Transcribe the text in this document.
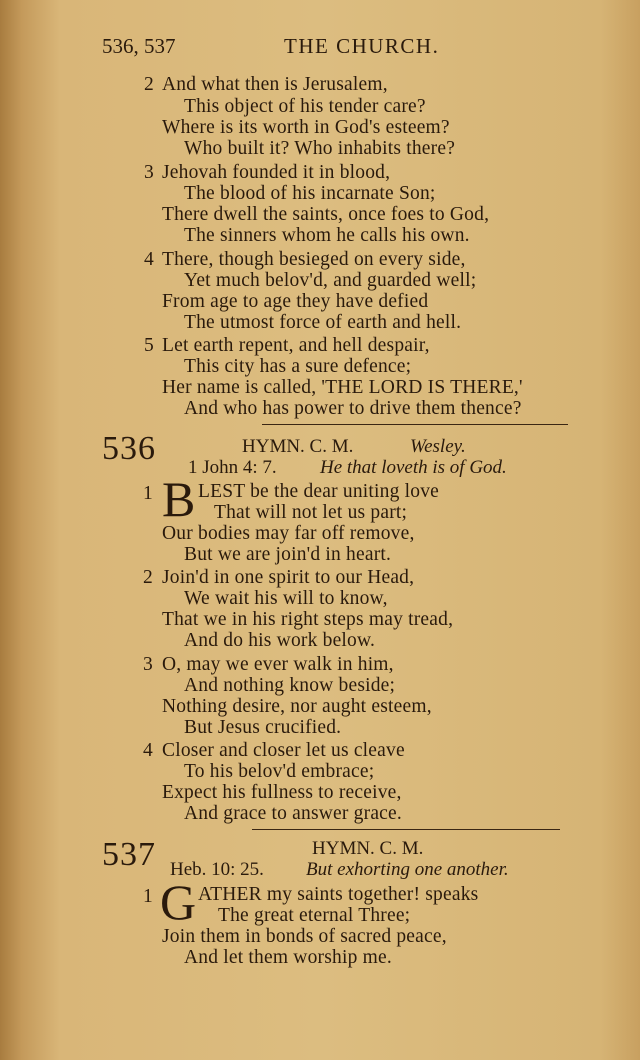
536, 537	THE CHURCH.
2 And what then is Jerusalem,
This object of his tender care?
Where is its worth in God's esteem?
Who built it? Who inhabits there?
3 Jehovah founded it in blood,
The blood of his incarnate Son;
There dwell the saints, once foes to God,
The sinners whom he calls his own.
4 There, though besieged on every side,
Yet much belov'd, and guarded well;
From age to age they have defied
The utmost force of earth and hell.
5 Let earth repent, and hell despair,
This city has a sure defence;
Her name is called, 'THE LORD IS THERE,'
And who has power to drive them thence?
536	HYMN. C. M.	Wesley.
1 John 4: 7. He that loveth is of God.
1 B LEST be the dear uniting love
That will not let us part;
Our bodies may far off remove,
But we are join'd in heart.
2 Join'd in one spirit to our Head,
We wait his will to know,
That we in his right steps may tread,
And do his work below.
3 O, may we ever walk in him,
And nothing know beside;
Nothing desire, nor aught esteem,
But Jesus crucified.
4 Closer and closer let us cleave
To his belov'd embrace;
Expect his fullness to receive,
And grace to answer grace.
537	HYMN. C. M.
Heb. 10: 25. But exhorting one another.
1 G ATHER my saints together! speaks
The great eternal Three;
Join them in bonds of sacred peace,
And let them worship me.
